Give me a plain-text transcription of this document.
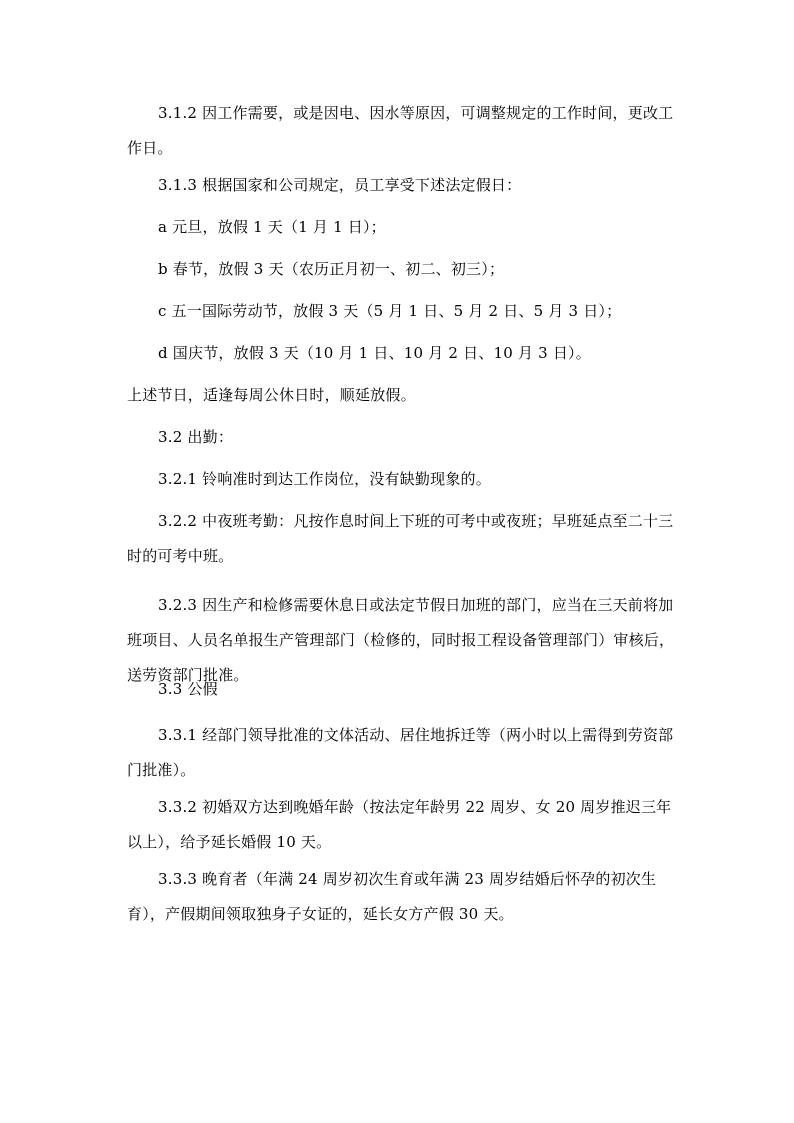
3.1.2 因工作需要，或是因电、因水等原因，可调整规定的工作时间，更改工作日。

3.1.3 根据国家和公司规定，员工享受下述法定假日：

a 元旦，放假 1 天（1 月 1 日）；

b 春节，放假 3 天（农历正月初一、初二、初三）；

c 五一国际劳动节，放假 3 天（5 月 1 日、5 月 2 日、5 月 3 日）；

d 国庆节，放假 3 天（10 月 1 日、10 月 2 日、10 月 3 日）。

上述节日，适逢每周公休日时，顺延放假。

3.2 出勤：

3.2.1 铃响准时到达工作岗位，没有缺勤现象的。

3.2.2 中夜班考勤：凡按作息时间上下班的可考中或夜班；早班延点至二十三时的可考中班。

3.2.3 因生产和检修需要休息日或法定节假日加班的部门，应当在三天前将加班项目、人员名单报生产管理部门（检修的，同时报工程设备管理部门）审核后，送劳资部门批准。

3.3 公假

3.3.1 经部门领导批准的文体活动、居住地拆迁等（两小时以上需得到劳资部门批准）。

3.3.2 初婚双方达到晚婚年龄（按法定年龄男 22 周岁、女 20 周岁推迟三年以上），给予延长婚假 10 天。

3.3.3 晚育者（年满 24 周岁初次生育或年满 23 周岁结婚后怀孕的初次生育），产假期间领取独身子女证的，延长女方产假 30 天。
